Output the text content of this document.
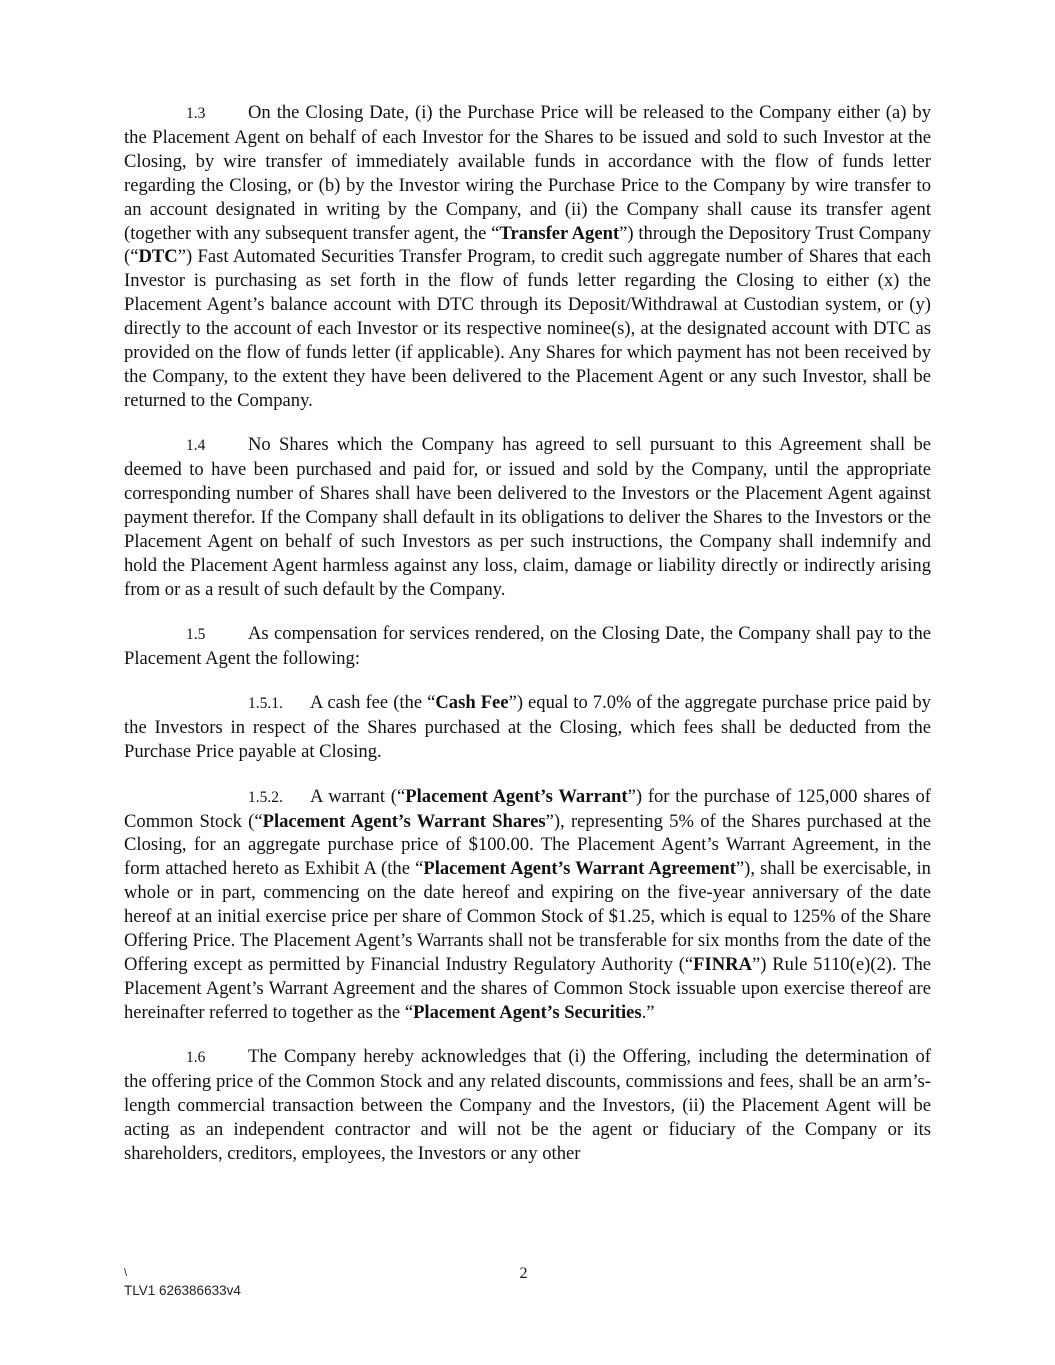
1.3 On the Closing Date, (i) the Purchase Price will be released to the Company either (a) by the Placement Agent on behalf of each Investor for the Shares to be issued and sold to such Investor at the Closing, by wire transfer of immediately available funds in accordance with the flow of funds letter regarding the Closing, or (b) by the Investor wiring the Purchase Price to the Company by wire transfer to an account designated in writing by the Company, and (ii) the Company shall cause its transfer agent (together with any subsequent transfer agent, the “Transfer Agent”) through the Depository Trust Company (“DTC”) Fast Automated Securities Transfer Program, to credit such aggregate number of Shares that each Investor is purchasing as set forth in the flow of funds letter regarding the Closing to either (x) the Placement Agent’s balance account with DTC through its Deposit/Withdrawal at Custodian system, or (y) directly to the account of each Investor or its respective nominee(s), at the designated account with DTC as provided on the flow of funds letter (if applicable). Any Shares for which payment has not been received by the Company, to the extent they have been delivered to the Placement Agent or any such Investor, shall be returned to the Company.

1.4 No Shares which the Company has agreed to sell pursuant to this Agreement shall be deemed to have been purchased and paid for, or issued and sold by the Company, until the appropriate corresponding number of Shares shall have been delivered to the Investors or the Placement Agent against payment therefor. If the Company shall default in its obligations to deliver the Shares to the Investors or the Placement Agent on behalf of such Investors as per such instructions, the Company shall indemnify and hold the Placement Agent harmless against any loss, claim, damage or liability directly or indirectly arising from or as a result of such default by the Company.

1.5 As compensation for services rendered, on the Closing Date, the Company shall pay to the Placement Agent the following:

1.5.1. A cash fee (the “Cash Fee”) equal to 7.0% of the aggregate purchase price paid by the Investors in respect of the Shares purchased at the Closing, which fees shall be deducted from the Purchase Price payable at Closing.

1.5.2. A warrant (“Placement Agent’s Warrant”) for the purchase of 125,000 shares of Common Stock (“Placement Agent’s Warrant Shares”), representing 5% of the Shares purchased at the Closing, for an aggregate purchase price of $100.00. The Placement Agent’s Warrant Agreement, in the form attached hereto as Exhibit A (the “Placement Agent’s Warrant Agreement”), shall be exercisable, in whole or in part, commencing on the date hereof and expiring on the five-year anniversary of the date hereof at an initial exercise price per share of Common Stock of $1.25, which is equal to 125% of the Share Offering Price. The Placement Agent’s Warrants shall not be transferable for six months from the date of the Offering except as permitted by Financial Industry Regulatory Authority (“FINRA”) Rule 5110(e)(2). The Placement Agent’s Warrant Agreement and the shares of Common Stock issuable upon exercise thereof are hereinafter referred to together as the “Placement Agent’s Securities.”

1.6 The Company hereby acknowledges that (i) the Offering, including the determination of the offering price of the Common Stock and any related discounts, commissions and fees, shall be an arm’s-length commercial transaction between the Company and the Investors, (ii) the Placement Agent will be acting as an independent contractor and will not be the agent or fiduciary of the Company or its shareholders, creditors, employees, the Investors or any other

\	2
TLV1 626386633v4
